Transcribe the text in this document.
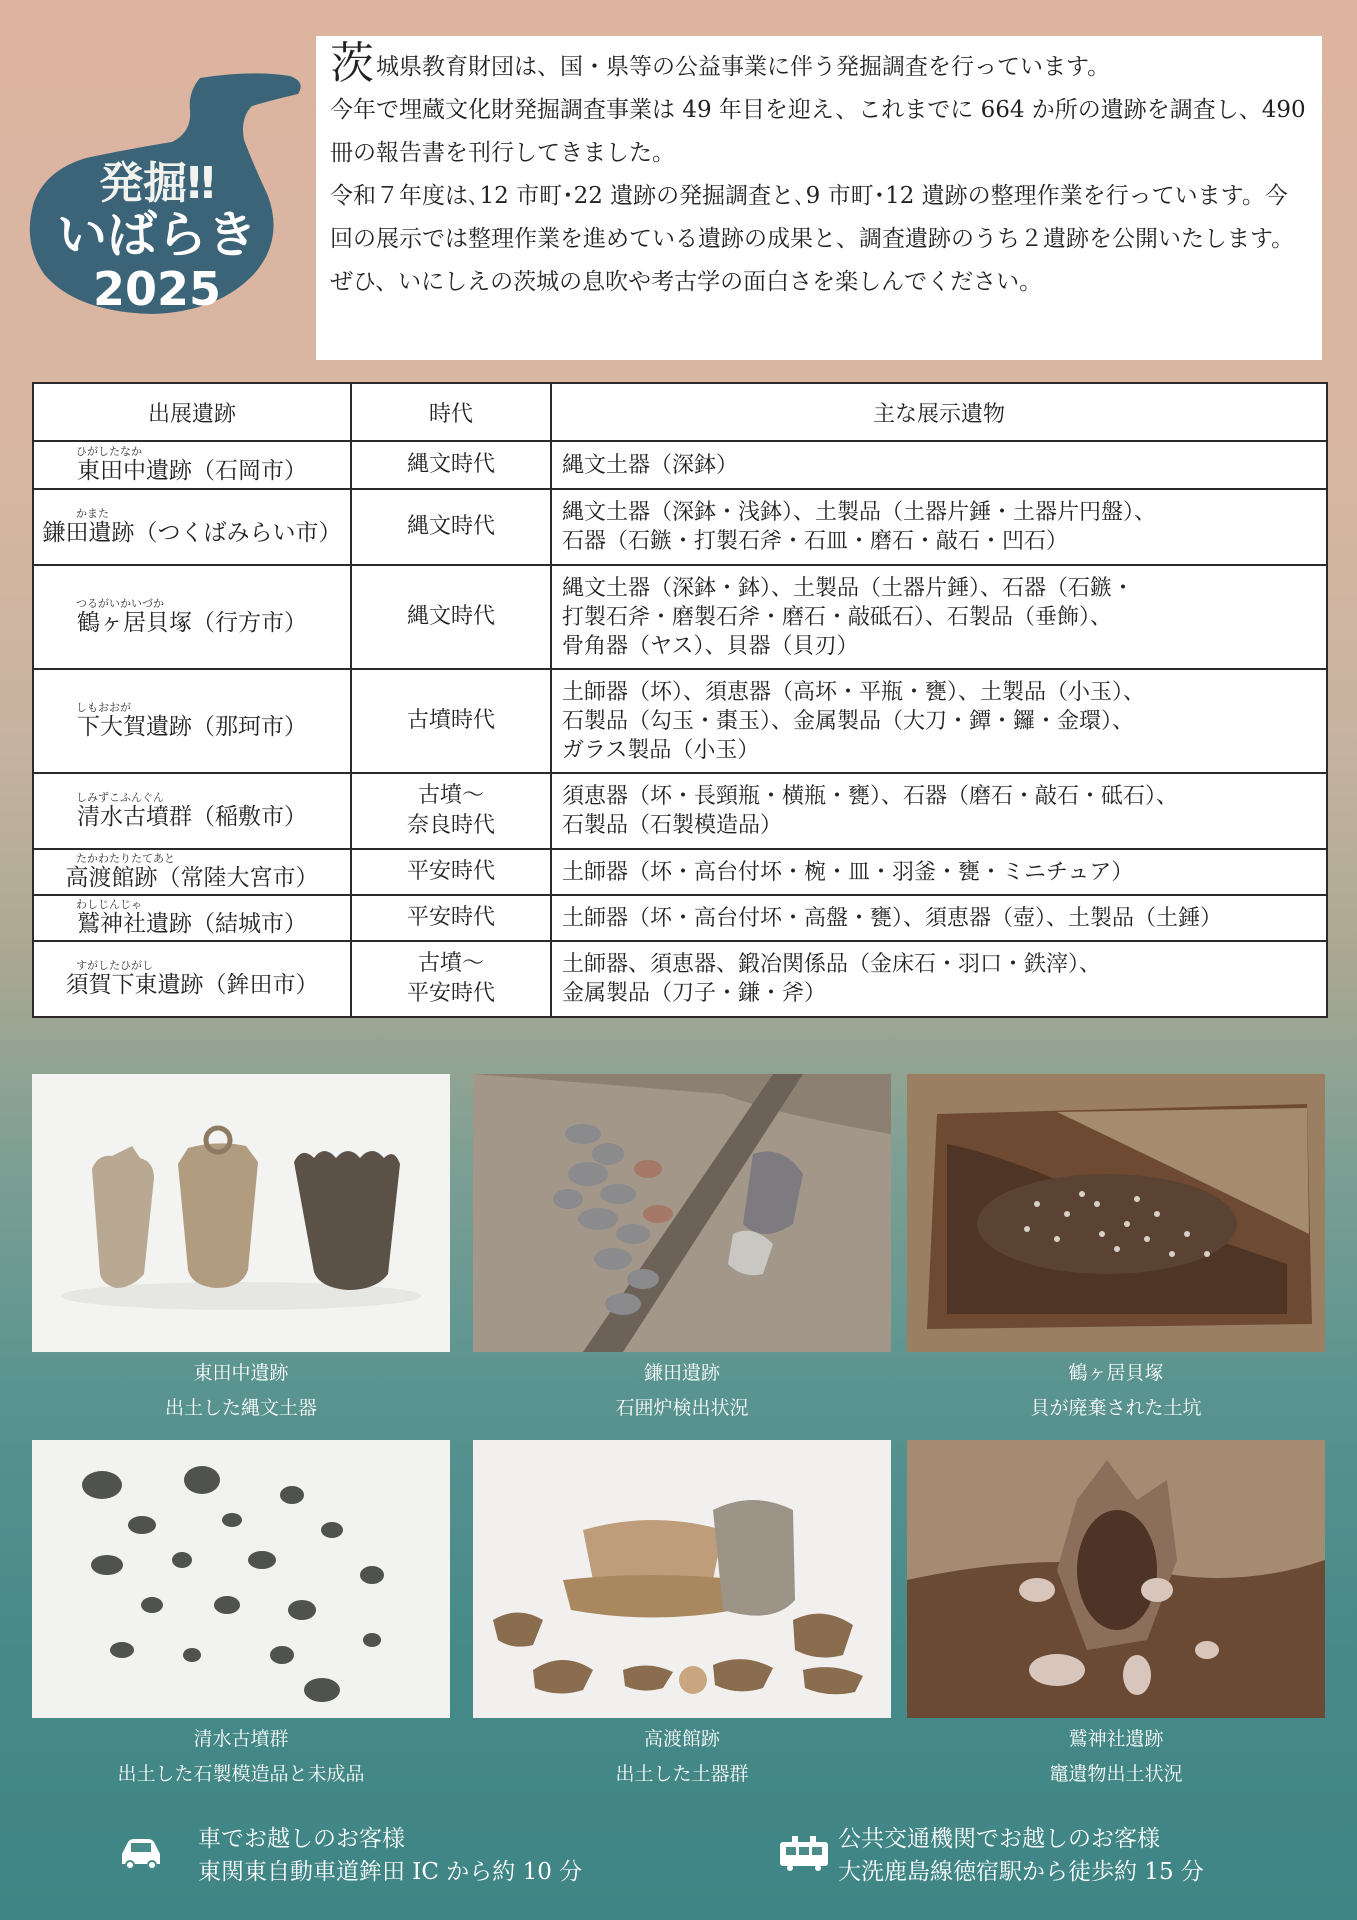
発掘‼
いばらき
2025

茨城県教育財団は、国・県等の公益事業に伴う発掘調査を行っています。

今年で埋蔵文化財発掘調査事業は 49 年目を迎え、これまでに 664 か所の遺跡を調査し、490 冊の報告書を刊行してきました。

令和７年度は､12 市町･22 遺跡の発掘調査と､9 市町･12 遺跡の整理作業を行っています。今回の展示では整理作業を進めている遺跡の成果と、調査遺跡のうち２遺跡を公開いたします。

ぜひ、いにしえの茨城の息吹や考古学の面白さを楽しんでください。

出展遺跡	時代	主な展示遺物

ひがしたなか
東田中遺跡（石岡市）	縄文時代	縄文土器（深鉢）

かまた
鎌田遺跡（つくばみらい市）	縄文時代	縄文土器（深鉢・浅鉢）、土製品（土器片錘・土器片円盤）、
石器（石鏃・打製石斧・石皿・磨石・敲石・凹石）

つるがいかいづか
鶴ヶ居貝塚（行方市）	縄文時代	縄文土器（深鉢・鉢）、土製品（土器片錘）、石器（石鏃・
打製石斧・磨製石斧・磨石・敲砥石）、石製品（垂飾）、
骨角器（ヤス）、貝器（貝刃）

しもおおが
下大賀遺跡（那珂市）	古墳時代	土師器（坏）、須恵器（高坏・平瓶・甕）、土製品（小玉）、
石製品（勾玉・棗玉）、金属製品（大刀・鐔・鑼・金環）、
ガラス製品（小玉）

しみずこふんぐん
清水古墳群（稲敷市）	古墳～
奈良時代	須恵器（坏・長頸瓶・横瓶・甕）、石器（磨石・敲石・砥石）、
石製品（石製模造品）

たかわたりたてあと
高渡館跡（常陸大宮市）	平安時代	土師器（坏・高台付坏・椀・皿・羽釜・甕・ミニチュア）

わしじんじゃ
鷲神社遺跡（結城市）	平安時代	土師器（坏・高台付坏・高盤・甕）、須恵器（壺）、土製品（土錘）

すがしたひがし
須賀下東遺跡（鉾田市）	古墳～
平安時代	土師器、須恵器、鍛冶関係品（金床石・羽口・鉄滓）、
金属製品（刀子・鎌・斧）
東田中遺跡
出土した縄文土器
鎌田遺跡
石囲炉検出状況
鶴ヶ居貝塚
貝が廃棄された土坑
清水古墳群
出土した石製模造品と未成品
高渡館跡
出土した土器群
鷲神社遺跡
竈遺物出土状況
車でお越しのお客様
東関東自動車道鉾田 IC から約 10 分
公共交通機関でお越しのお客様
大洗鹿島線徳宿駅から徒歩約 15 分
